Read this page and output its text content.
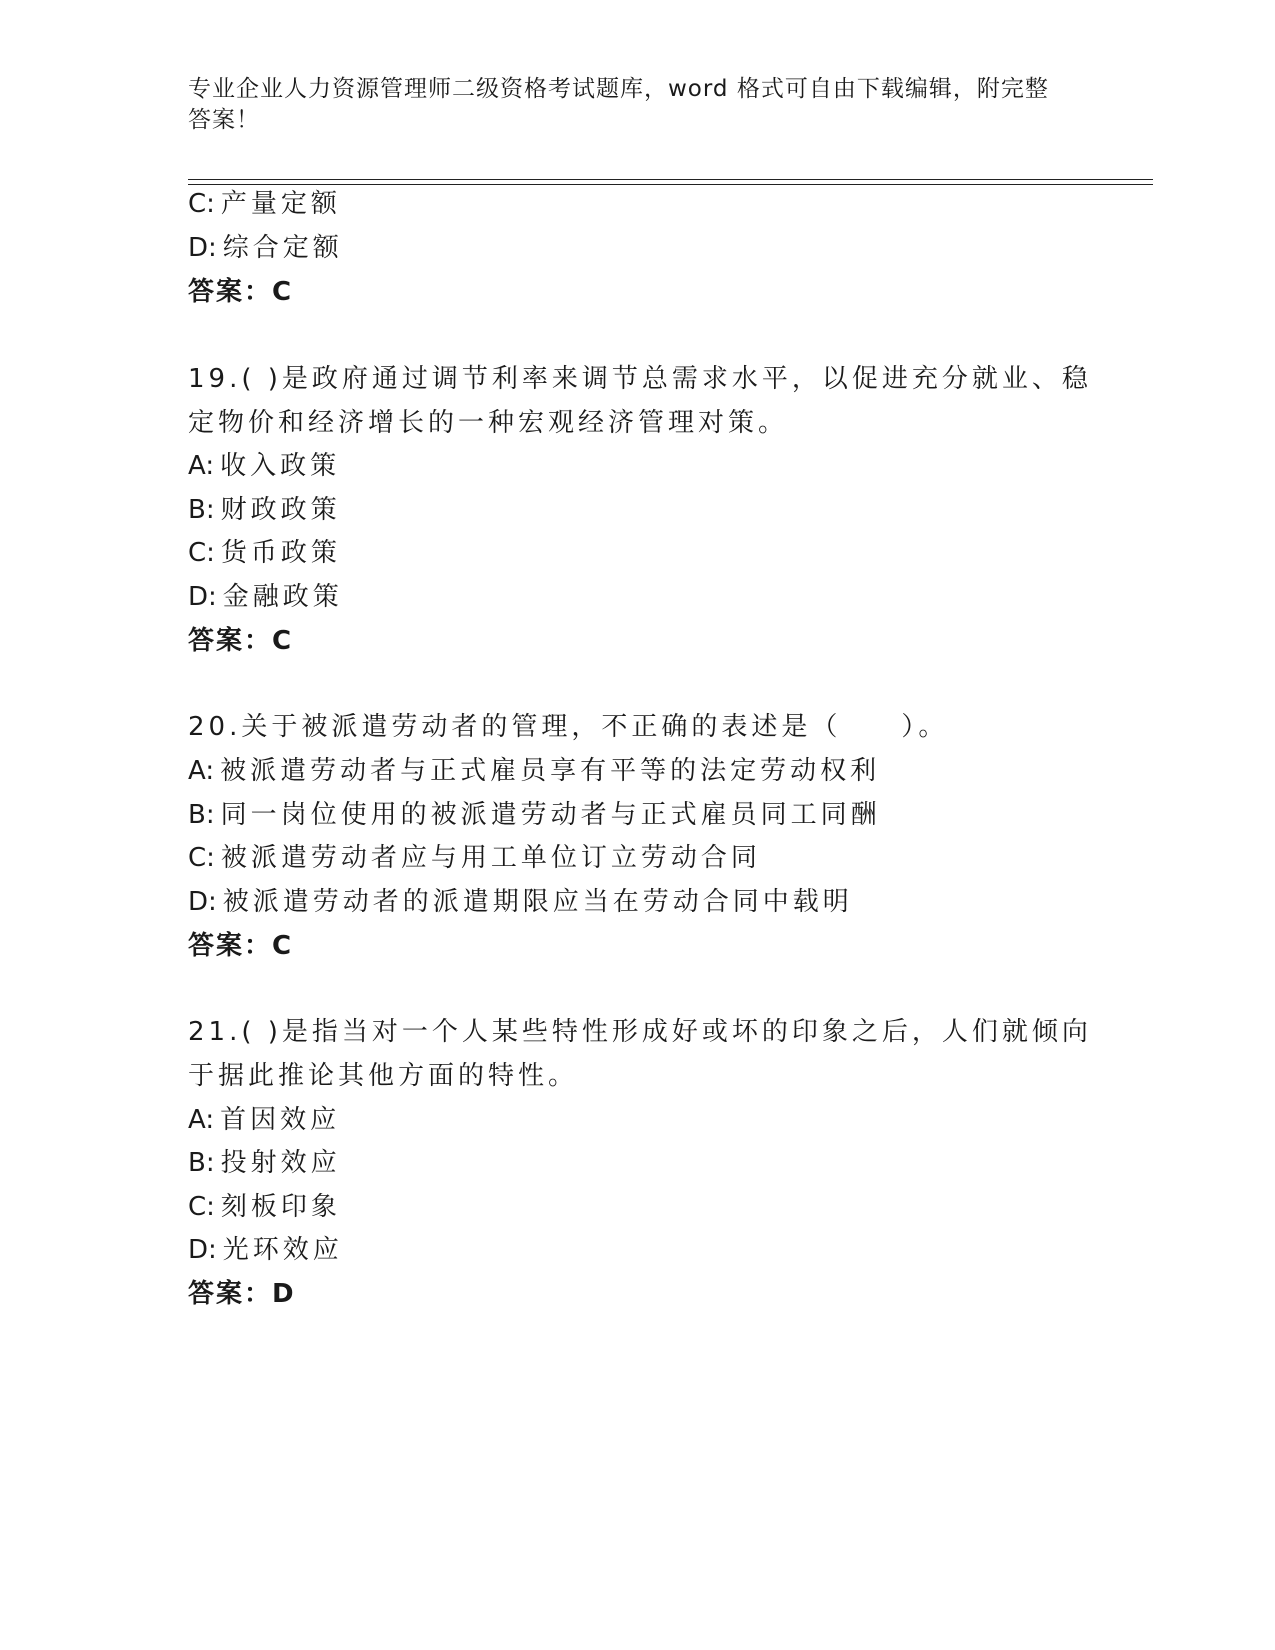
专业企业人力资源管理师二级资格考试题库，word 格式可自由下载编辑，附完整
答案！
C: 产量定额
D: 综合定额
答案：C
19.( )是政府通过调节利率来调节总需求水平，以促进充分就业、稳
定物价和经济增长的一种宏观经济管理对策。
A: 收入政策
B: 财政政策
C: 货币政策
D: 金融政策
答案：C
20.关于被派遣劳动者的管理，不正确的表述是（　　）。
A: 被派遣劳动者与正式雇员享有平等的法定劳动权利
B: 同一岗位使用的被派遣劳动者与正式雇员同工同酬
C: 被派遣劳动者应与用工单位订立劳动合同
D: 被派遣劳动者的派遣期限应当在劳动合同中载明
答案：C
21.( )是指当对一个人某些特性形成好或坏的印象之后，人们就倾向
于据此推论其他方面的特性。
A: 首因效应
B: 投射效应
C: 刻板印象
D: 光环效应
答案：D
